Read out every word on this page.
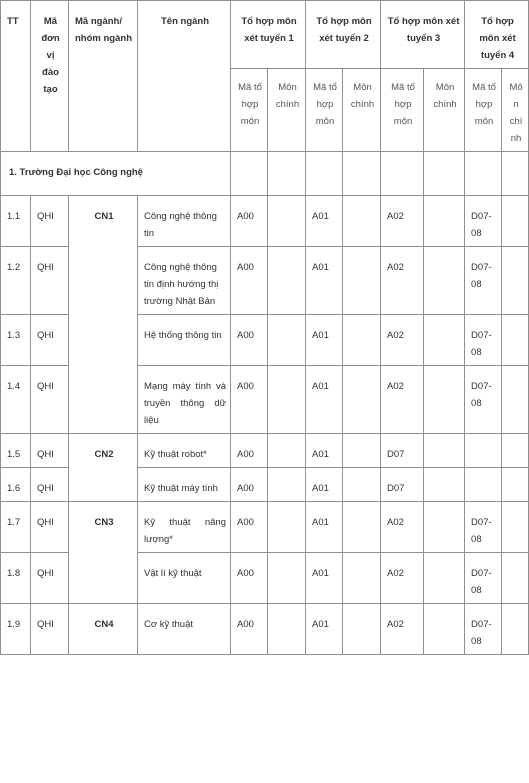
TT	Mã đơn vị đào tạo	Mã ngành/ nhóm ngành	Tên ngành	Tổ hợp môn xét tuyển 1		Tổ hợp môn xét tuyển 2		Tổ hợp môn xét tuyển 3		Tổ hợp môn xét tuyển 4	
				Mã tổ hợp môn	Môn chính	Mã tổ hợp môn	Môn chính	Mã tổ hợp môn	Môn chính	Mã tổ hợp môn	Môn chính
1. Trường Đại học Công nghệ											
1.1	QHI	CN1	Công nghệ thông tin	A00		A01		A02		D07-08	
1.2	QHI		Công nghệ thông tin định hướng thị trường Nhật Bản	A00		A01		A02		D07-08	
1.3	QHI		Hệ thống thông tin	A00		A01		A02		D07-08	
1.4	QHI		Mạng máy tính và truyền thông dữ liệu	A00		A01		A02		D07-08	
1.5	QHI	CN2	Kỹ thuật robot*	A00		A01		D07			
1.6	QHI		Kỹ thuật máy tính	A00		A01		D07			
1.7	QHI	CN3	Kỹ thuật năng lượng*	A00		A01		A02		D07-08	
1.8	QHI		Vật lí kỹ thuật	A00		A01		A02		D07-08	
1.9	QHI	CN4	Cơ kỹ thuật	A00		A01		A02		D07-08	
